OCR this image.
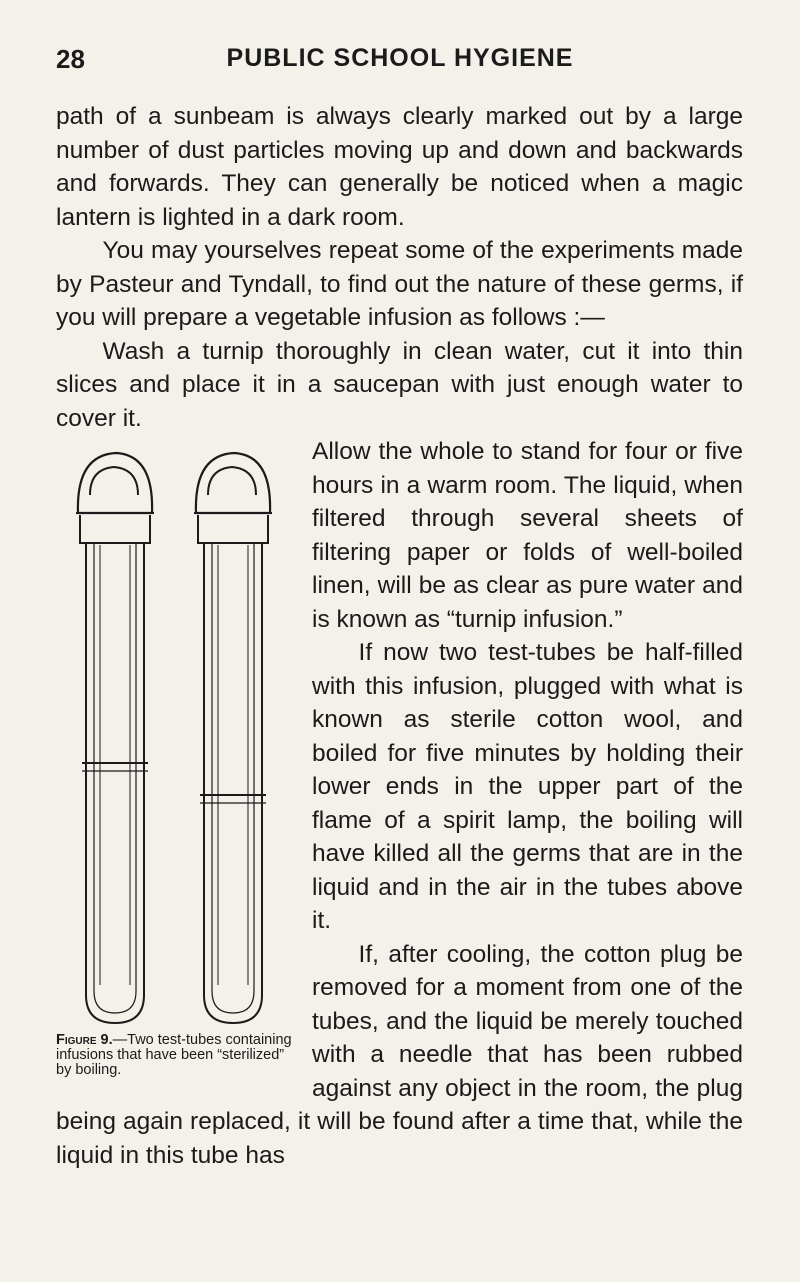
28	PUBLIC SCHOOL HYGIENE

path of a sunbeam is always clearly marked out by a large number of dust particles moving up and down and backwards and forwards. They can generally be noticed when a magic lantern is lighted in a dark room.

You may yourselves repeat some of the experiments made by Pasteur and Tyndall, to find out the nature of these germs, if you will prepare a vegetable infusion as follows :—

Wash a turnip thoroughly in clean water, cut it into thin slices and place it in a saucepan with just enough water to cover it.

Figure 9.—Two test-tubes containing infusions that have been “sterilized” by boiling.

Allow the whole to stand for four or five hours in a warm room. The liquid, when filtered through several sheets of filtering paper or folds of well-boiled linen, will be as clear as pure water and is known as “turnip infusion.”

If now two test-tubes be half-filled with this infusion, plugged with what is known as sterile cotton wool, and boiled for five minutes by holding their lower ends in the upper part of the flame of a spirit lamp, the boiling will have killed all the germs that are in the liquid and in the air in the tubes above it.

If, after cooling, the cotton plug be removed for a moment from one of the tubes, and the liquid be merely touched with a needle that has been rubbed against any object in the room, the plug being again replaced, it will be found after a time that, while the liquid in this tube has
